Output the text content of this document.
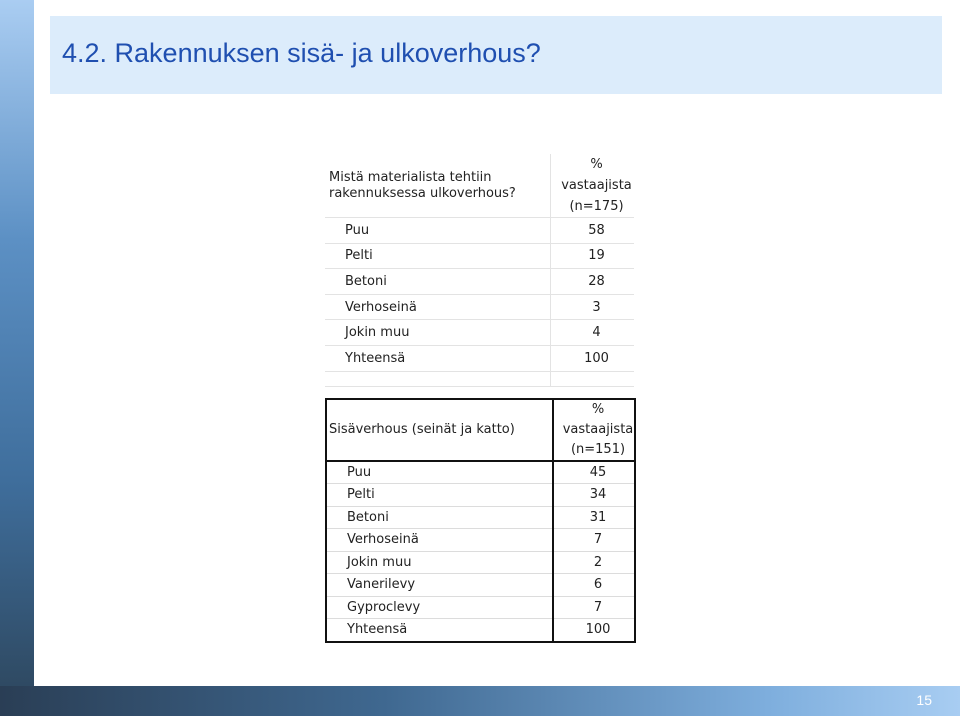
15
4.2. Rakennuksen sisä- ja ulkoverhous?
Mistä materialista tehtiin
rakennuksessa ulkoverhous?	% vastaajista
(n=175)
Puu	58
Pelti	19
Betoni	28
Verhoseinä	3
Jokin muu	4
Yhteensä	100

Sisäverhous (seinät ja katto)	% vastaajista
(n=151)
Puu	45
Pelti	34
Betoni	31
Verhoseinä	7
Jokin muu	2
Vanerilevy	6
Gyproclevy	7
Yhteensä	100
